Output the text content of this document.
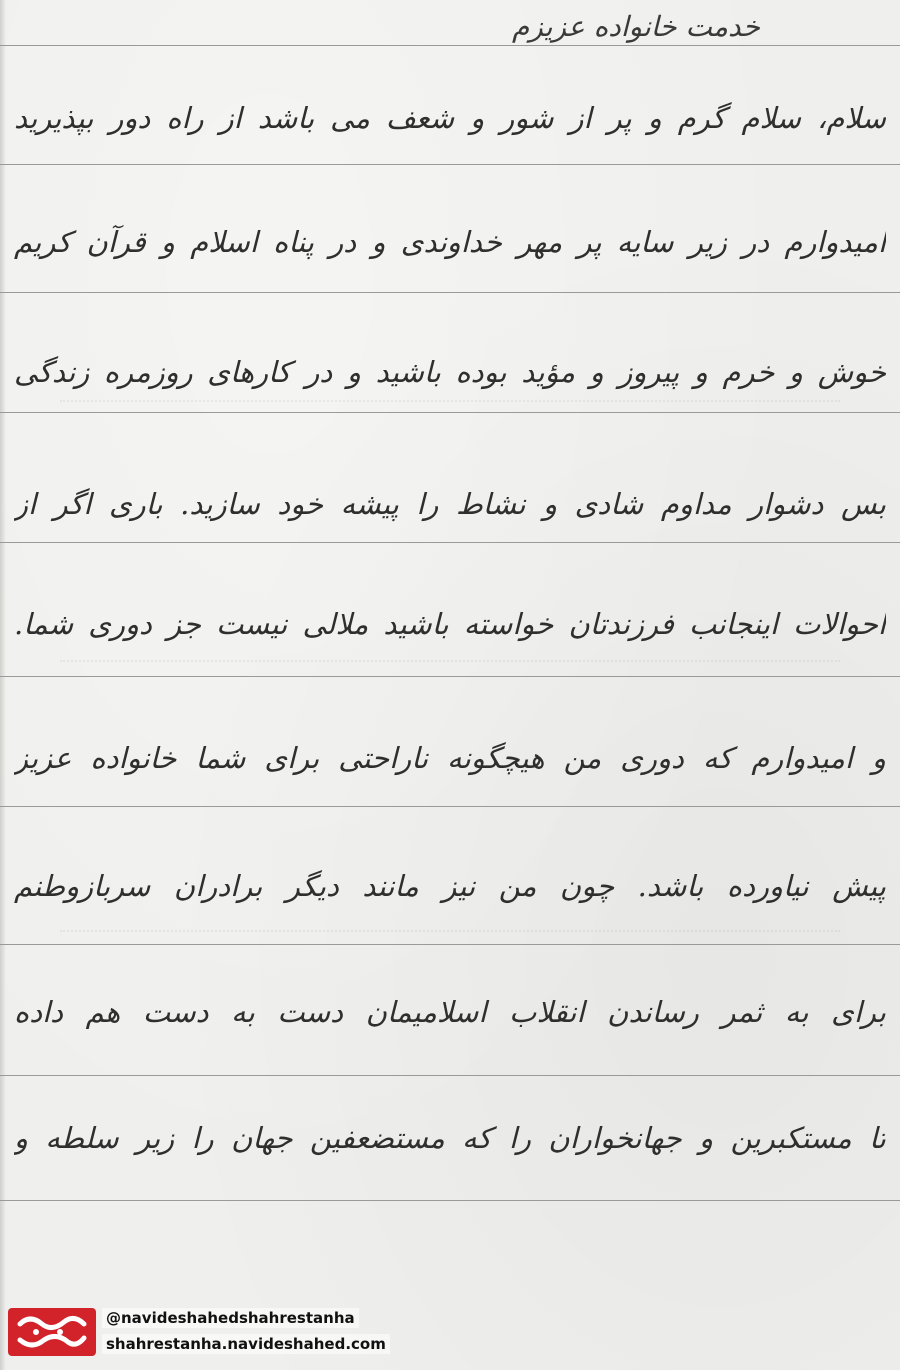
خدمت خانواده عزیزم
سلام، سلام گرم و پر از شور و شعف می باشد از راه دور بپذیرید
امیدوارم در زیر سایه پر مهر خداوندی و در پناه اسلام و قرآن کریم
خوش و خرم و پیروز و مؤید بوده باشید و در کارهای روزمره زندگی
بس دشوار مداوم شادی و نشاط را پیشه خود سازید. باری اگر از
احوالات اینجانب فرزندتان خواسته باشید ملالی نیست جز دوری شما.
و امیدوارم که دوری من هیچگونه ناراحتی برای شما خانواده عزیز
پیش نیاورده باشد. چون من نیز مانند دیگر برادران سربازوطنم
برای به ثمر رساندن انقلاب اسلامیمان دست به دست هم داده
تا مستکبرین و جهانخواران را که مستضعفین جهان را زیر سلطه و
@navideshahedshahrestanha
shahrestanha.navideshahed.com
